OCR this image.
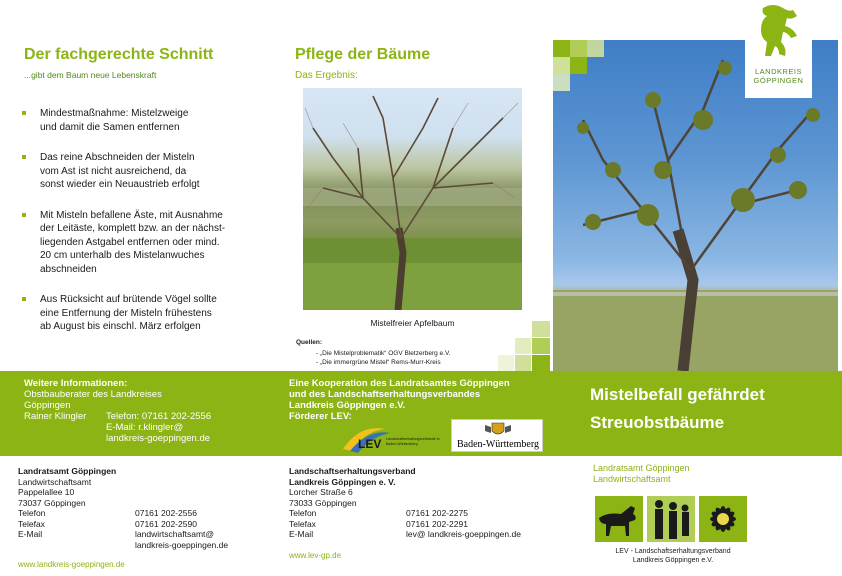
Der fachgerechte Schnitt
...gibt dem Baum neue Lebenskraft
Mindestmaßnahme: Mistelzweige
und damit die Samen entfernen
Das reine Abschneiden der Misteln
vom Ast ist nicht ausreichend, da
sonst wieder ein Neuaustrieb erfolgt
Mit Misteln befallene Äste, mit Ausnahme
der Leitäste, komplett bzw. an der nächst-
liegenden Astgabel entfernen oder mind.
20 cm unterhalb des Mistelanwuches
abschneiden
Aus Rücksicht auf brütende Vögel sollte
eine Entfernung der Misteln frühestens
ab August bis einschl. März erfolgen
Pflege der Bäume
Das Ergebnis:
Mistelfreier Apfelbaum
Quellen:
- „Die Mistelproblematik“ OGV Bletzerberg e.V.
- „Die immergrüne Mistel“ Rems-Murr-Kreis
LANDKREIS
GÖPPINGEN
Weitere Informationen:
Obstbauberater des Landkreises
Göppingen
Rainer Klingler Telefon: 07161 202-2556
E-Mail: r.klingler@
landkreis-goeppingen.de
Eine Kooperation des Landratsamtes Göppingen
und des Landschaftserhaltungsverbandes
Landkreis Göppingen e.V.
Förderer LEV:
LEV Landschaftserhaltungsverbände in Baden-Württemberg	Baden-Württemberg
Mistelbefall gefährdet
Streuobstbäume
Landratsamt Göppingen
Landwirtschaftsamt
Pappelallee 10
73037 Göppingen
Telefon
Telefax
E-Mail
07161 202-2556
07161 202-2590
landwirtschaftsamt@
landkreis-goeppingen.de
www.landkreis-goeppingen.de
Landschaftserhaltungsverband
Landkreis Göppingen e. V.
Lorcher Straße 6
73033 Göppingen
Telefon
Telefax
E-Mail
07161 202-2275
07161 202-2291
lev@ landkreis-goeppingen.de
www.lev-gp.de
Landratsamt Göppingen
Landwirtschaftsamt
LEV - Landschaftserhaltungsverband
Landkreis Göppingen e.V.
